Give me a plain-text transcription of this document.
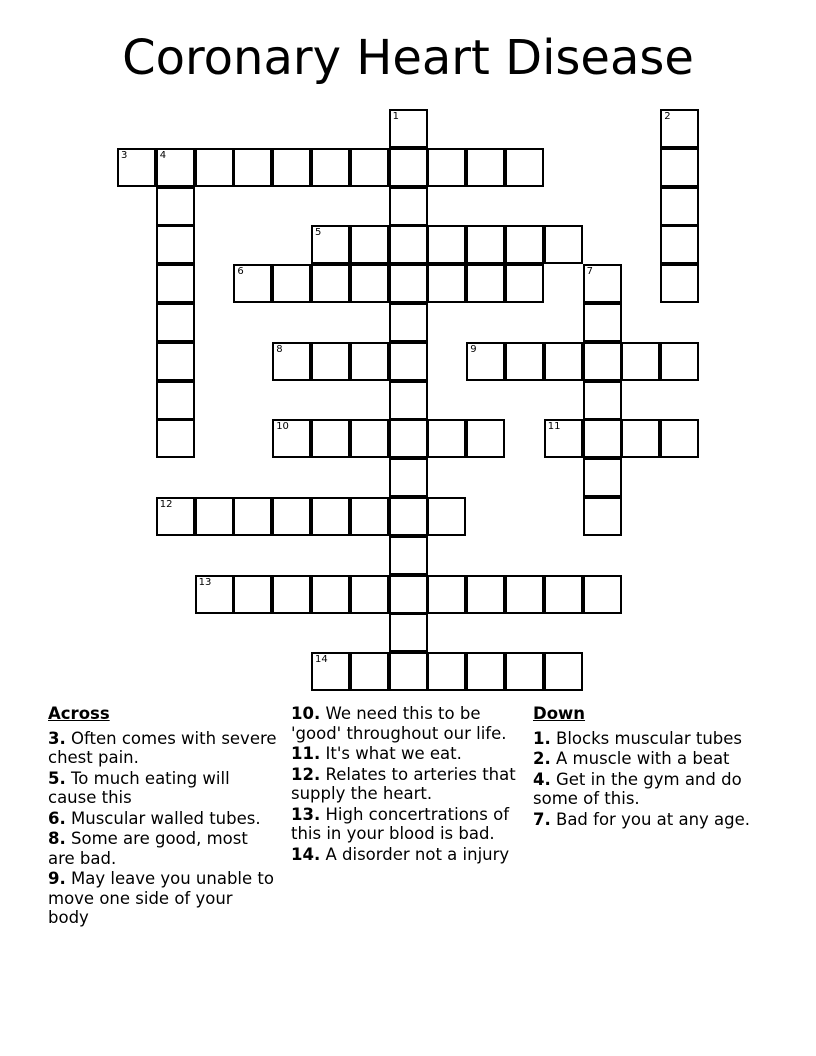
Coronary Heart Disease
3	4
5
6
8	9
10	11
12
13
14
1	2
7
Across
3. Often comes with severe chest pain.
5. To much eating will cause this
6. Muscular walled tubes.
8. Some are good, most are bad.
9. May leave you unable to move one side of your body
10. We need this to be 'good' throughout our life.
11. It's what we eat.
12. Relates to arteries that supply the heart.
13. High concertrations of this in your blood is bad.
14. A disorder not a injury
Down
1. Blocks muscular tubes
2. A muscle with a beat
4. Get in the gym and do some of this.
7. Bad for you at any age.
